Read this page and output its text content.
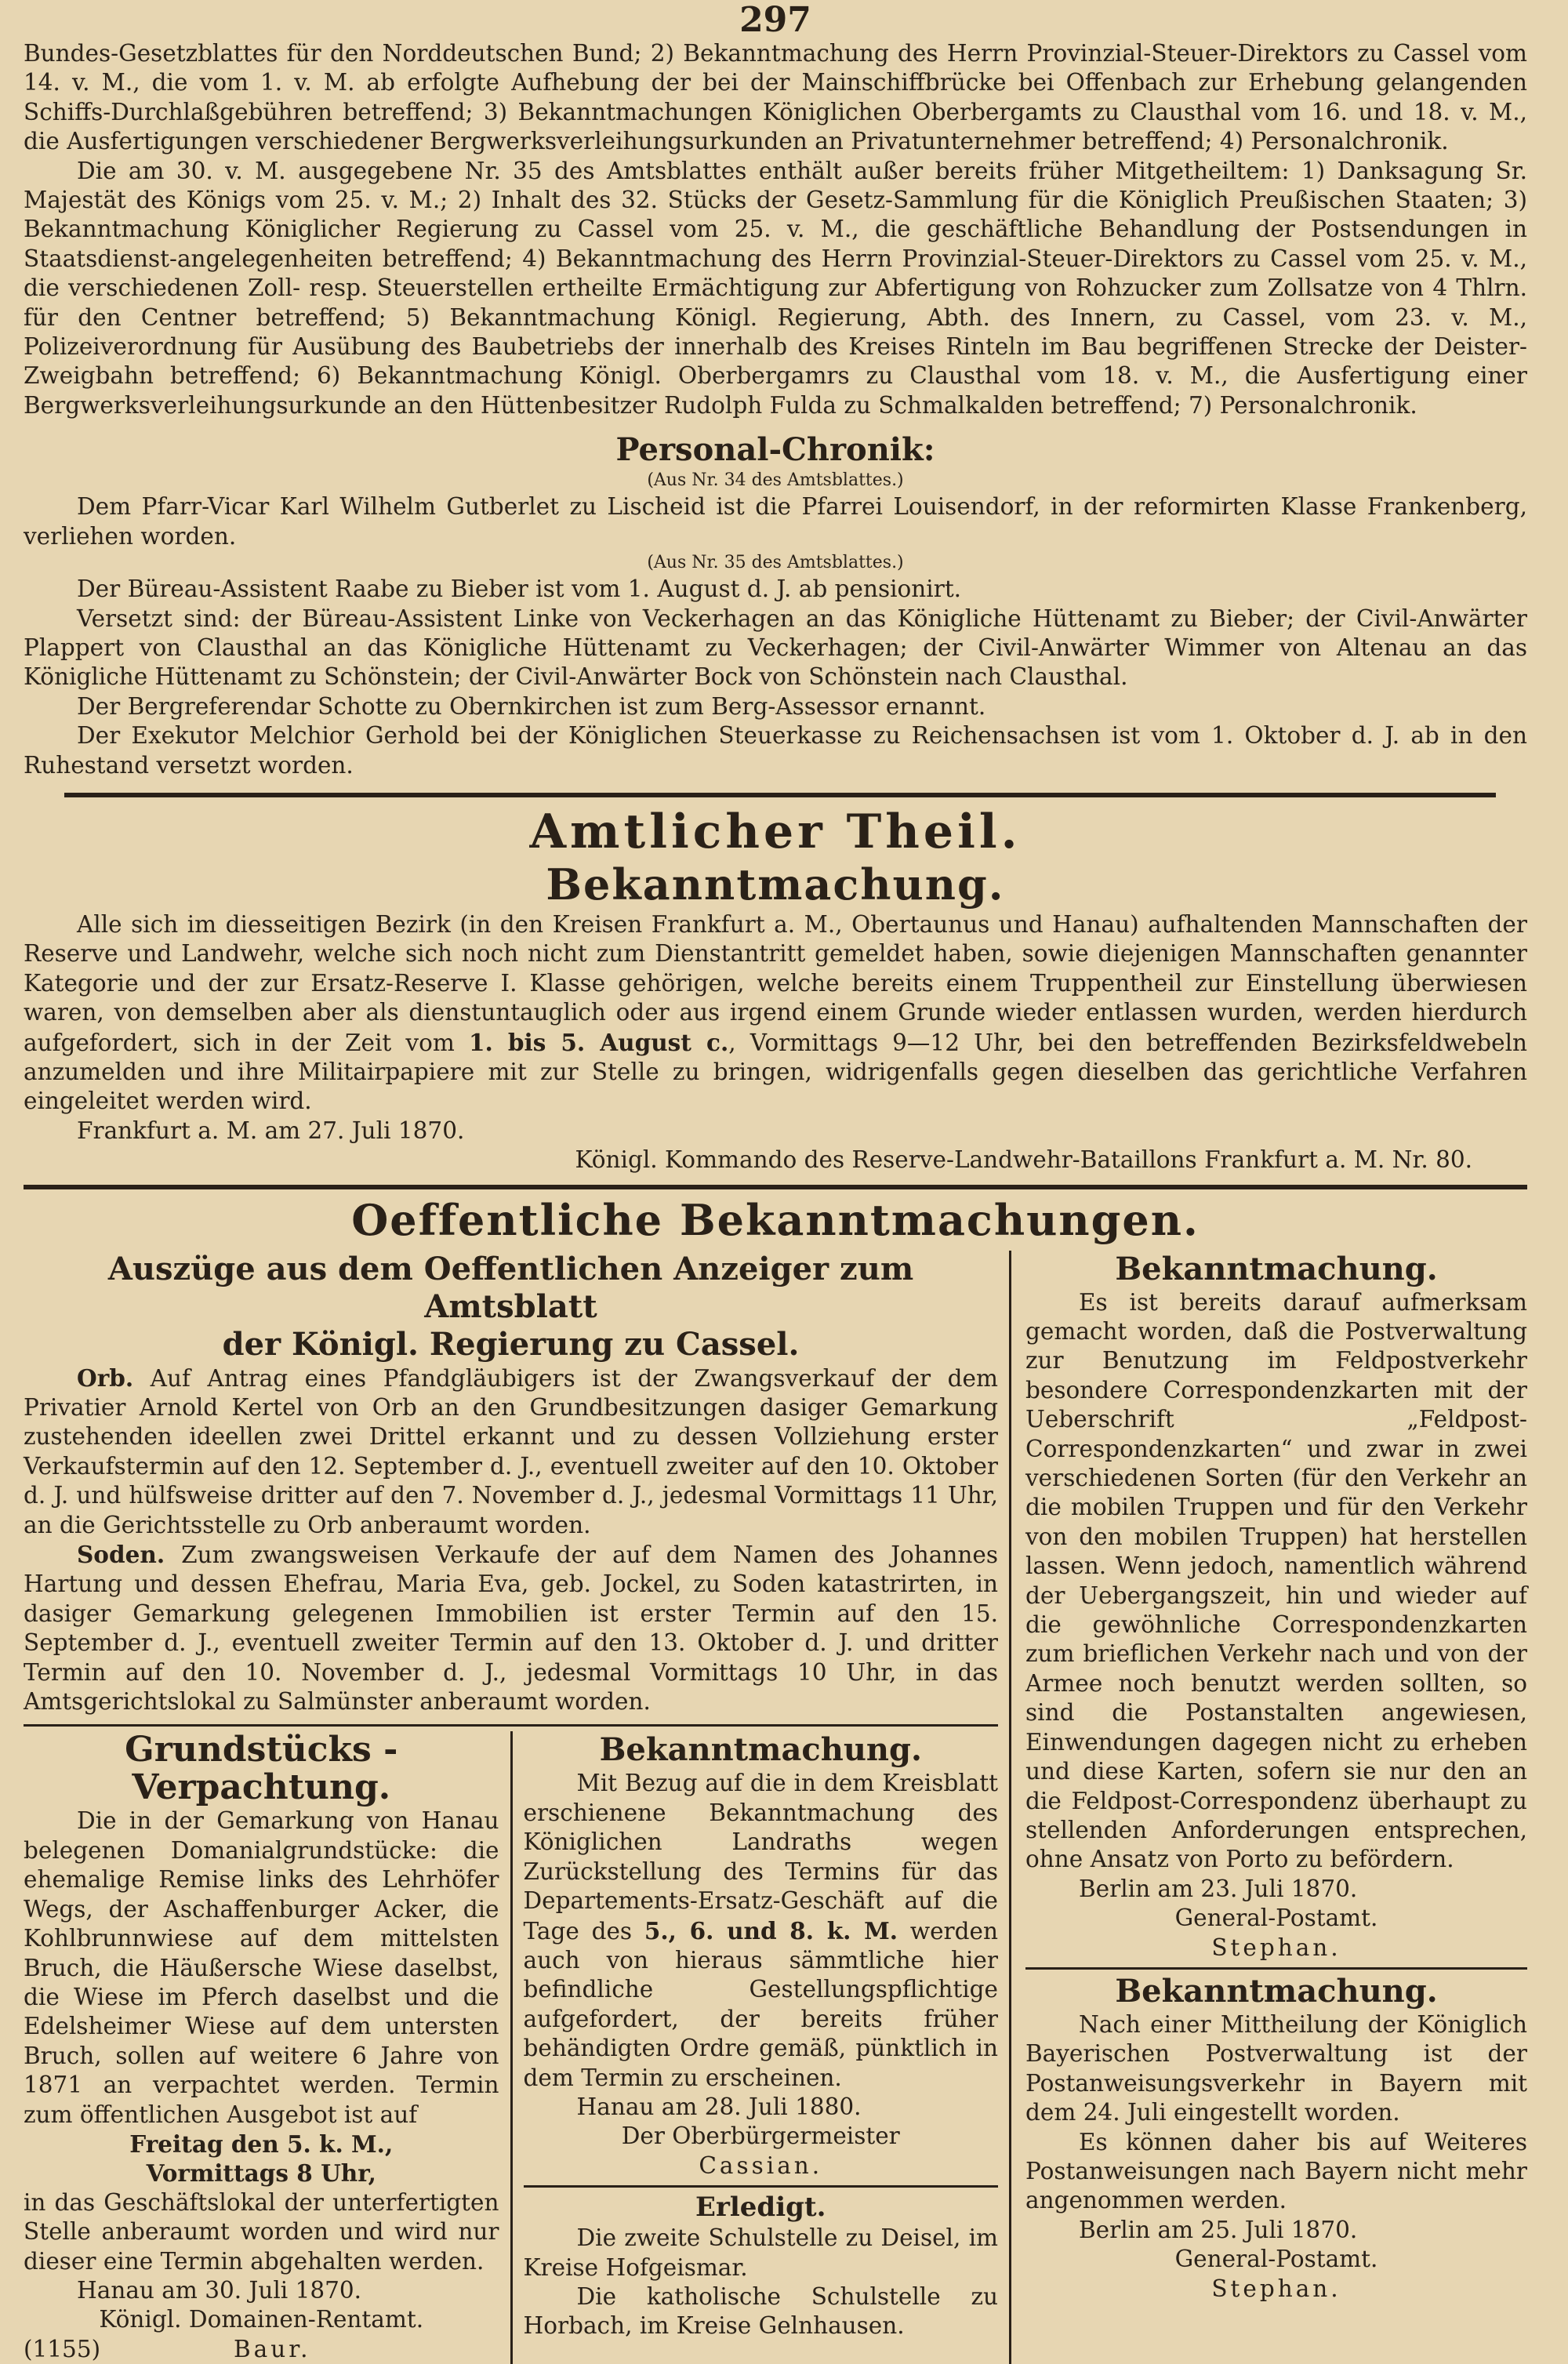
297

Bundes-Gesetzblattes für den Norddeutschen Bund; 2) Bekanntmachung des Herrn Provinzial-Steuer-Direktors zu Cassel vom 14. v. M., die vom 1. v. M. ab erfolgte Aufhebung der bei der Mainschiffbrücke bei Offenbach zur Erhebung gelangenden Schiffs-Durchlaßgebühren betreffend; 3) Bekanntmachungen Königlichen Oberbergamts zu Clausthal vom 16. und 18. v. M., die Ausfertigungen verschiedener Bergwerksverleihungsurkunden an Privatunternehmer betreffend; 4) Personalchronik.

Die am 30. v. M. ausgegebene Nr. 35 des Amtsblattes enthält außer bereits früher Mitgetheiltem: 1) Danksagung Sr. Majestät des Königs vom 25. v. M.; 2) Inhalt des 32. Stücks der Gesetz-Sammlung für die Königlich Preußischen Staaten; 3) Bekanntmachung Königlicher Regierung zu Cassel vom 25. v. M., die geschäftliche Behandlung der Postsendungen in Staatsdienst-angelegenheiten betreffend; 4) Bekanntmachung des Herrn Provinzial-Steuer-Direktors zu Cassel vom 25. v. M., die verschiedenen Zoll- resp. Steuerstellen ertheilte Ermächtigung zur Abfertigung von Rohzucker zum Zollsatze von 4 Thlrn. für den Centner betreffend; 5) Bekanntmachung Königl. Regierung, Abth. des Innern, zu Cassel, vom 23. v. M., Polizeiverordnung für Ausübung des Baubetriebs der innerhalb des Kreises Rinteln im Bau begriffenen Strecke der Deister-Zweigbahn betreffend; 6) Bekanntmachung Königl. Oberbergamrs zu Clausthal vom 18. v. M., die Ausfertigung einer Bergwerksverleihungsurkunde an den Hüttenbesitzer Rudolph Fulda zu Schmalkalden betreffend; 7) Personalchronik.

Personal-Chronik:

(Aus Nr. 34 des Amtsblattes.)

Dem Pfarr-Vicar Karl Wilhelm Gutberlet zu Lischeid ist die Pfarrei Louisendorf, in der reformirten Klasse Frankenberg, verliehen worden.

(Aus Nr. 35 des Amtsblattes.)

Der Büreau-Assistent Raabe zu Bieber ist vom 1. August d. J. ab pensionirt.

Versetzt sind: der Büreau-Assistent Linke von Veckerhagen an das Königliche Hüttenamt zu Bieber; der Civil-Anwärter Plappert von Clausthal an das Königliche Hüttenamt zu Veckerhagen; der Civil-Anwärter Wimmer von Altenau an das Königliche Hüttenamt zu Schönstein; der Civil-Anwärter Bock von Schönstein nach Clausthal.

Der Bergreferendar Schotte zu Obernkirchen ist zum Berg-Assessor ernannt.

Der Exekutor Melchior Gerhold bei der Königlichen Steuerkasse zu Reichensachsen ist vom 1. Oktober d. J. ab in den Ruhestand versetzt worden.

Amtlicher Theil.
Bekanntmachung.

Alle sich im diesseitigen Bezirk (in den Kreisen Frankfurt a. M., Obertaunus und Hanau) aufhaltenden Mannschaften der Reserve und Landwehr, welche sich noch nicht zum Dienstantritt gemeldet haben, sowie diejenigen Mannschaften genannter Kategorie und der zur Ersatz-Reserve I. Klasse gehörigen, welche bereits einem Truppentheil zur Einstellung überwiesen waren, von demselben aber als dienstuntauglich oder aus irgend einem Grunde wieder entlassen wurden, werden hierdurch aufgefordert, sich in der Zeit vom 1. bis 5. August c., Vormittags 9—12 Uhr, bei den betreffenden Bezirksfeldwebeln anzumelden und ihre Militairpapiere mit zur Stelle zu bringen, widrigenfalls gegen dieselben das gerichtliche Verfahren eingeleitet werden wird.

Frankfurt a. M. am 27. Juli 1870.

Königl. Kommando des Reserve-Landwehr-Bataillons Frankfurt a. M. Nr. 80.

Oeffentliche Bekanntmachungen.
Auszüge aus dem Oeffentlichen Anzeiger zum Amtsblatt
der Königl. Regierung zu Cassel.

Orb. Auf Antrag eines Pfandgläubigers ist der Zwangsverkauf der dem Privatier Arnold Kertel von Orb an den Grundbesitzungen dasiger Gemarkung zustehenden ideellen zwei Drittel erkannt und zu dessen Vollziehung erster Verkaufstermin auf den 12. September d. J., eventuell zweiter auf den 10. Oktober d. J. und hülfsweise dritter auf den 7. November d. J., jedesmal Vormittags 11 Uhr, an die Gerichtsstelle zu Orb anberaumt worden.

Soden. Zum zwangsweisen Verkaufe der auf dem Namen des Johannes Hartung und dessen Ehefrau, Maria Eva, geb. Jockel, zu Soden katastrirten, in dasiger Gemarkung gelegenen Immobilien ist erster Termin auf den 15. September d. J., eventuell zweiter Termin auf den 13. Oktober d. J. und dritter Termin auf den 10. November d. J., jedesmal Vormittags 10 Uhr, in das Amtsgerichtslokal zu Salmünster anberaumt worden.

Grundstücks - Verpachtung.

Die in der Gemarkung von Hanau belegenen Domanialgrundstücke: die ehemalige Remise links des Lehrhöfer Wegs, der Aschaffenburger Acker, die Kohlbrunnwiese auf dem mittelsten Bruch, die Häußersche Wiese daselbst, die Wiese im Pferch daselbst und die Edelsheimer Wiese auf dem untersten Bruch, sollen auf weitere 6 Jahre von 1871 an verpachtet werden. Termin zum öffentlichen Ausgebot ist auf

Freitag den 5. k. M.,

Vormittags 8 Uhr,

in das Geschäftslokal der unterfertigten Stelle anberaumt worden und wird nur dieser eine Termin abgehalten werden.

Hanau am 30. Juli 1870.

Königl. Domainen-Rentamt.

(1155)	Baur.

Bekanntmachung.

Mit Bezug auf die in dem Kreisblatt erschienene Bekanntmachung des Königlichen Landraths wegen Zurückstellung des Termins für das Departements-Ersatz-Geschäft auf die Tage des 5., 6. und 8. k. M. werden auch von hieraus sämmtliche hier befindliche Gestellungspflichtige aufgefordert, der bereits früher behändigten Ordre gemäß, pünktlich in dem Termin zu erscheinen.

Hanau am 28. Juli 1880.

Der Oberbürgermeister

Cassian.

Erledigt.

Die zweite Schulstelle zu Deisel, im Kreise Hofgeismar.

Die katholische Schulstelle zu Horbach, im Kreise Gelnhausen.

Bekanntmachung.

Es ist bereits darauf aufmerksam gemacht worden, daß die Postverwaltung zur Benutzung im Feldpostverkehr besondere Correspondenzkarten mit der Ueberschrift „Feldpost-Correspondenzkarten“ und zwar in zwei verschiedenen Sorten (für den Verkehr an die mobilen Truppen und für den Verkehr von den mobilen Truppen) hat herstellen lassen. Wenn jedoch, namentlich während der Uebergangszeit, hin und wieder auf die gewöhnliche Correspondenzkarten zum brieflichen Verkehr nach und von der Armee noch benutzt werden sollten, so sind die Postanstalten angewiesen, Einwendungen dagegen nicht zu erheben und diese Karten, sofern sie nur den an die Feldpost-Correspondenz überhaupt zu stellenden Anforderungen entsprechen, ohne Ansatz von Porto zu befördern.

Berlin am 23. Juli 1870.

General-Postamt.

Stephan.

Bekanntmachung.

Nach einer Mittheilung der Königlich Bayerischen Postverwaltung ist der Postanweisungsverkehr in Bayern mit dem 24. Juli eingestellt worden.

Es können daher bis auf Weiteres Postanweisungen nach Bayern nicht mehr angenommen werden.

Berlin am 25. Juli 1870.

General-Postamt.

Stephan.
